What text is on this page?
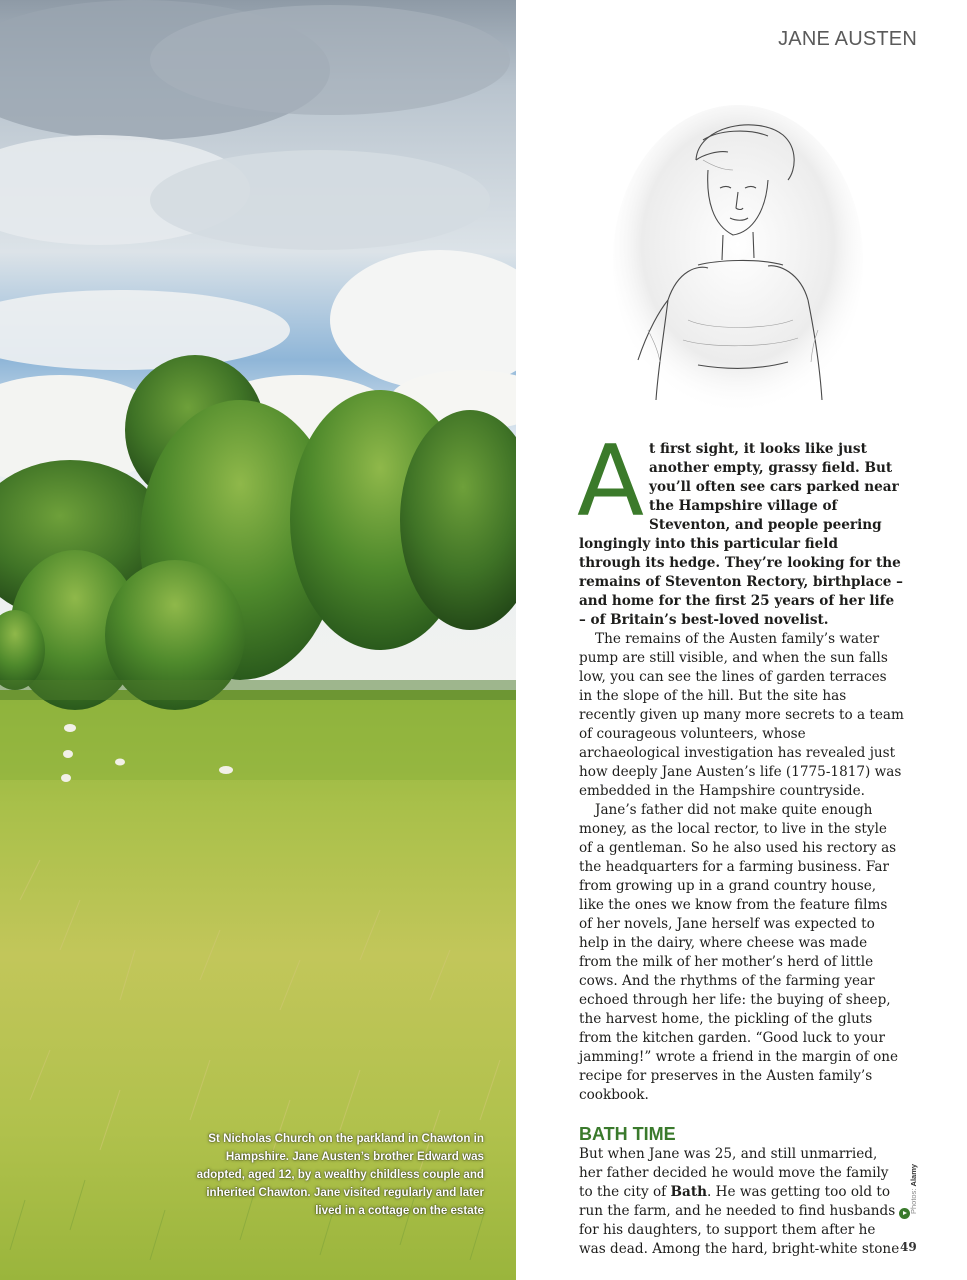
St Nicholas Church on the parkland in Chawton in Hampshire. Jane Austen’s brother Edward was adopted, aged 12, by a wealthy childless couple and inherited Chawton. Jane visited regularly and later lived in a cottage on the estate
JANE AUSTEN

At first sight, it looks like just another empty, grassy field. But you’ll often see cars parked near the Hampshire village of Steventon, and people peering longingly into this particular field through its hedge. They’re looking for the remains of Steventon Rectory, birthplace – and home for the first 25 years of her life – of Britain’s best-loved novelist.

The remains of the Austen family’s water pump are still visible, and when the sun falls low, you can see the lines of garden terraces in the slope of the hill. But the site has recently given up many more secrets to a team of courageous volunteers, whose archaeological investigation has revealed just how deeply Jane Austen’s life (1775-1817) was embedded in the Hampshire countryside.

Jane’s father did not make quite enough money, as the local rector, to live in the style of a gentleman. So he also used his rectory as the headquarters for a farming business. Far from growing up in a grand country house, like the ones we know from the feature films of her novels, Jane herself was expected to help in the dairy, where cheese was made from the milk of her mother’s herd of little cows. And the rhythms of the farming year echoed through her life: the buying of sheep, the harvest home, the pickling of the gluts from the kitchen garden. “Good luck to your jamming!” wrote a friend in the margin of one recipe for preserves in the Austen family’s cookbook.

BATH TIME

But when Jane was 25, and still unmarried, her father decided he would move the family to the city of Bath. He was getting too old to run the farm, and he needed to find husbands for his daughters, to support them after he was dead. Among the hard, bright-white stone

Photos: Alamy
49
